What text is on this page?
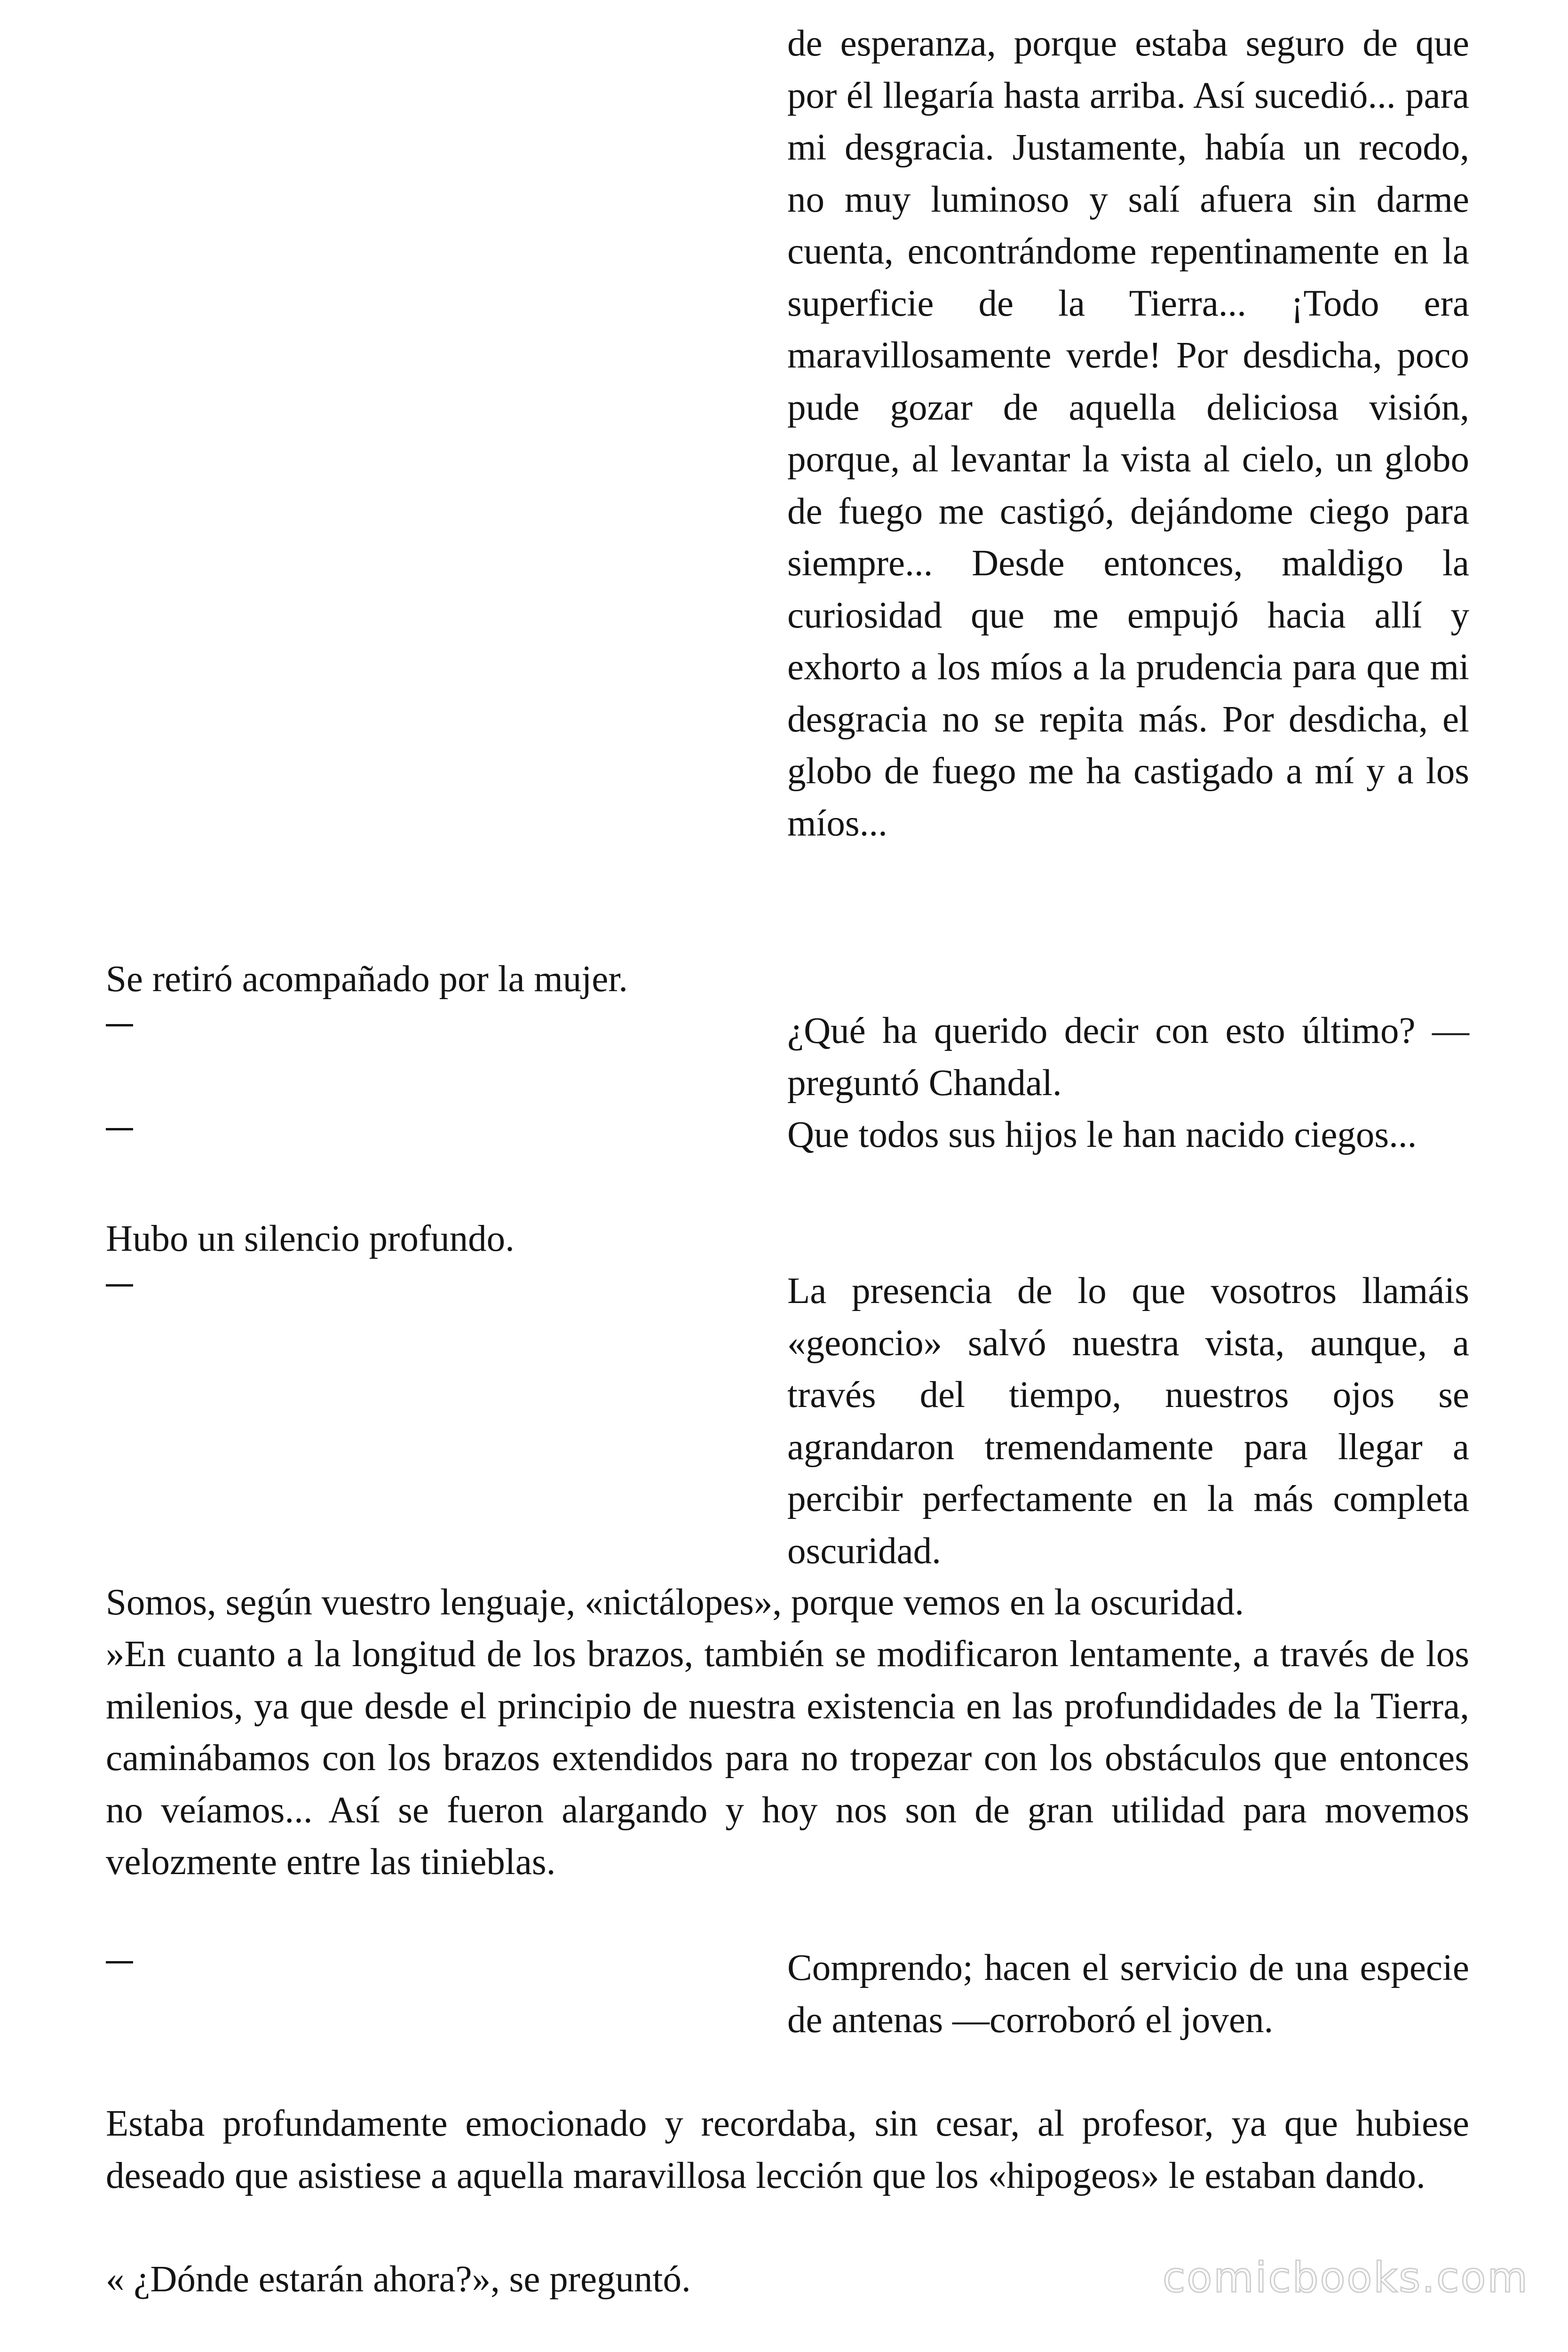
de esperanza, porque estaba seguro de que por él llegaría hasta arriba. Así sucedió... para mi desgracia. Justamente, había un recodo, no muy luminoso y salí afuera sin darme cuenta, encontrándome repentinamente en la superficie de la Tierra... ¡Todo era maravillosamente verde! Por desdicha, poco pude gozar de aquella deliciosa visión, porque, al levantar la vista al cielo, un globo de fuego me castigó, dejándome ciego para siempre... Desde entonces, maldigo la curiosidad que me empujó hacia allí y exhorto a los míos a la prudencia para que mi desgracia no se repita más. Por desdicha, el globo de fuego me ha castigado a mí y a los míos...

Se retiró acompañado por la mujer.

¿Qué ha querido decir con esto último? —preguntó Chandal.

Que todos sus hijos le han nacido ciegos...

Hubo un silencio profundo.

La presencia de lo que vosotros llamáis «geoncio» salvó nuestra vista, aunque, a través del tiempo, nuestros ojos se agrandaron tremendamente para llegar a percibir perfectamente en la más completa oscuridad.

Somos, según vuestro lenguaje, «nictálopes», porque vemos en la oscuridad.

»En cuanto a la longitud de los brazos, también se modificaron lentamente, a través de los milenios, ya que desde el principio de nuestra existencia en las profundidades de la Tierra, caminábamos con los brazos extendidos para no tropezar con los obstáculos que entonces no veíamos... Así se fueron alargando y hoy nos son de gran utilidad para movemos velozmente entre las tinieblas.

Comprendo; hacen el servicio de una especie de antenas —corroboró el joven.

Estaba profundamente emocionado y recordaba, sin cesar, al profesor, ya que hubiese deseado que asistiese a aquella maravillosa lección que los «hipogeos» le estaban dando.

« ¿Dónde estarán ahora?», se preguntó.	comicbooks.com
